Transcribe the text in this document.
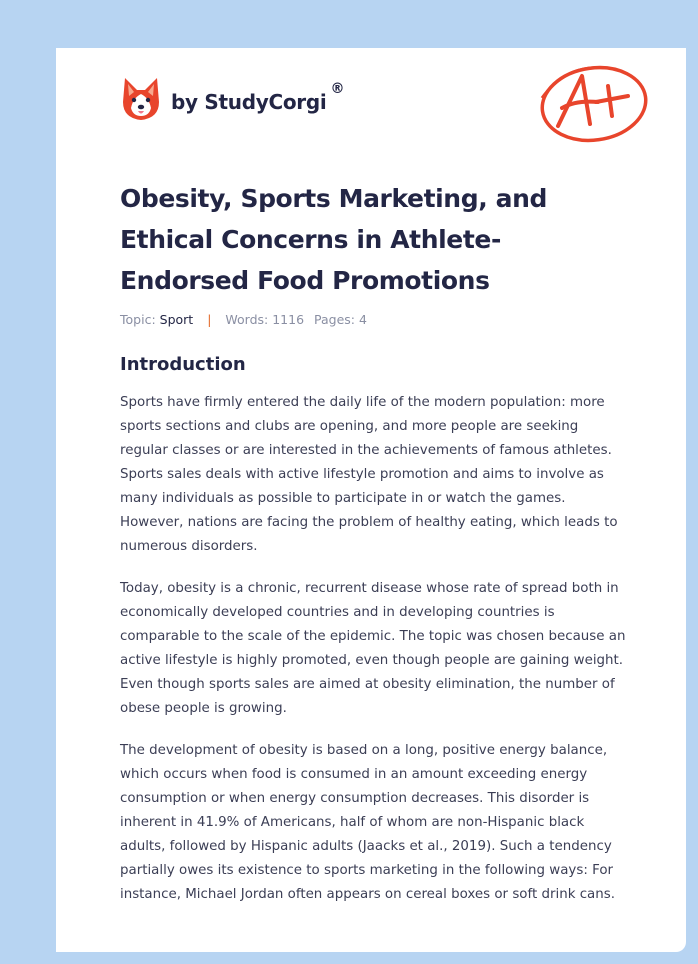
by StudyCorgi
®
Obesity, Sports Marketing, and Ethical Concerns in Athlete-Endorsed Food Promotions
Topic: Sport | Words: 1116 Pages: 4
Introduction

Sports have firmly entered the daily life of the modern population: more sports sections and clubs are opening, and more people are seeking regular classes or are interested in the achievements of famous athletes. Sports sales deals with active lifestyle promotion and aims to involve as many individuals as possible to participate in or watch the games. However, nations are facing the problem of healthy eating, which leads to numerous disorders.

Today, obesity is a chronic, recurrent disease whose rate of spread both in economically developed countries and in developing countries is comparable to the scale of the epidemic. The topic was chosen because an active lifestyle is highly promoted, even though people are gaining weight. Even though sports sales are aimed at obesity elimination, the number of obese people is growing.

The development of obesity is based on a long, positive energy balance, which occurs when food is consumed in an amount exceeding energy consumption or when energy consumption decreases. This disorder is inherent in 41.9% of Americans, half of whom are non-Hispanic black adults, followed by Hispanic adults (Jaacks et al., 2019). Such a tendency partially owes its existence to sports marketing in the following ways: For instance, Michael Jordan often appears on cereal boxes or soft drink cans.
